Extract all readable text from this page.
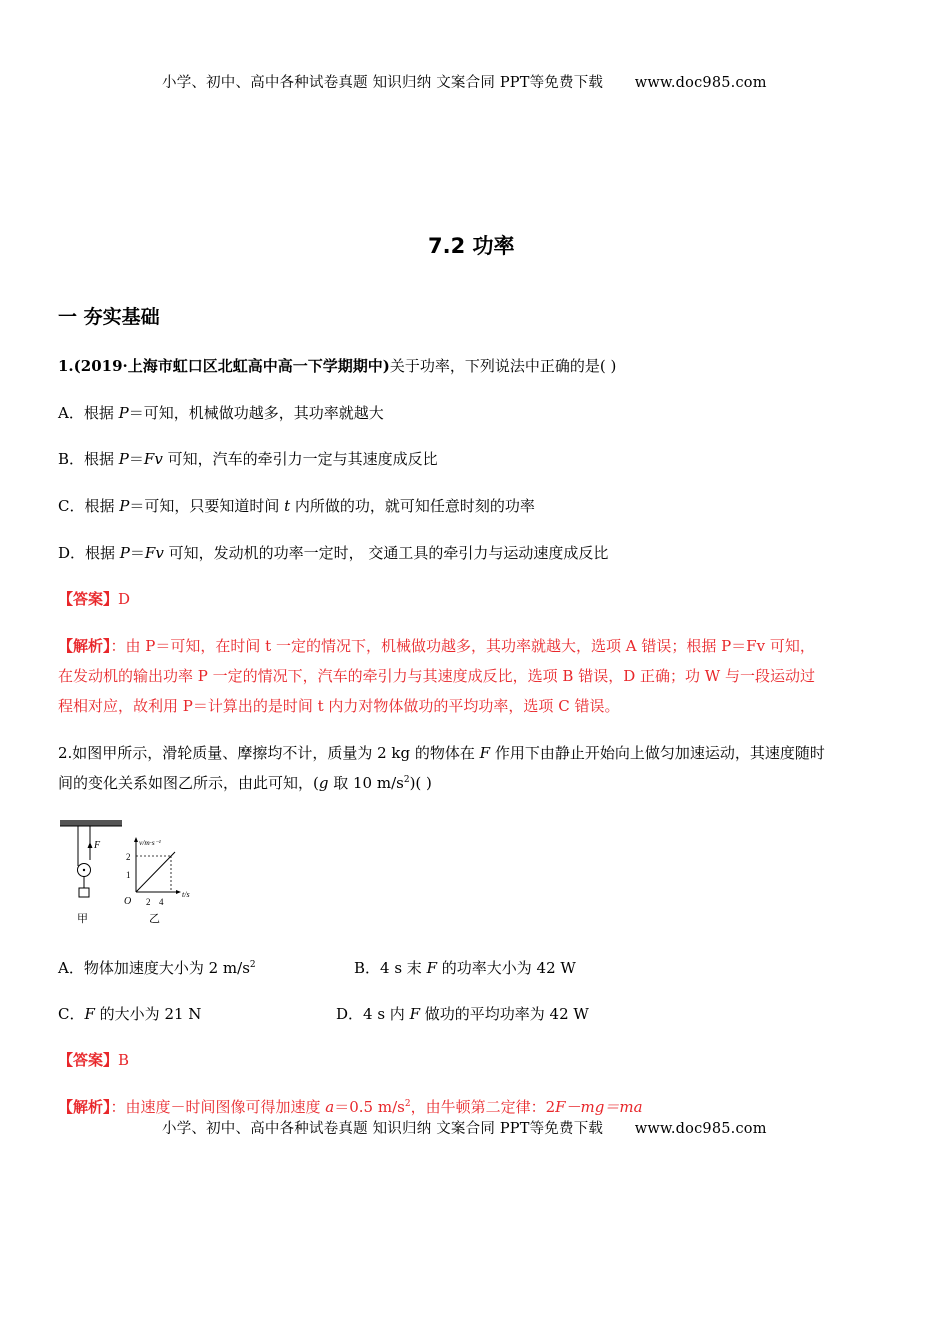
小学、初中、高中各种试卷真题 知识归纳 文案合同 PPT等免费下载 www.doc985.com
7.2 功率
一 夯实基础
1.(2019·上海市虹口区北虹高中高一下学期期中)关于功率，下列说法中正确的是( )
A．根据 P＝可知，机械做功越多，其功率就越大
B．根据 P＝Fv 可知，汽车的牵引力一定与其速度成反比
C．根据 P＝可知，只要知道时间 t 内所做的功，就可知任意时刻的功率
D．根据 P＝Fv 可知，发动机的功率一定时， 交通工具的牵引力与运动速度成反比
【答案】D
【解析】：由 P＝可知，在时间 t 一定的情况下，机械做功越多，其功率就越大，选项 A 错误；根据 P＝Fv 可知，
在发动机的输出功率 P 一定的情况下，汽车的牵引力与其速度成反比，选项 B 错误，D 正确；功 W 与一段运动过
程相对应，故利用 P＝计算出的是时间 t 内力对物体做功的平均功率，选项 C 错误。
2.如图甲所示，滑轮质量、摩擦均不计，质量为 2 kg 的物体在 F 作用下由静止开始向上做匀加速运动，其速度随时
间的变化关系如图乙所示，由此可知，(g 取 10 $m/s^2$)( )
F
甲
v/m·s⁻¹
t/s
O
2
1
2 4
乙
A．物体加速度大小为 2 $m/s^2$	B．4 s 末 F 的功率大小为 42 W
C．F 的大小为 21 N	D．4 s 内 F 做功的平均功率为 42 W
【答案】B
【解析】：由速度－时间图像可得加速度 a＝0.5 $m/s^2$，由牛顿第二定律：2F－mg＝ma
小学、初中、高中各种试卷真题 知识归纳 文案合同 PPT等免费下载 www.doc985.com
